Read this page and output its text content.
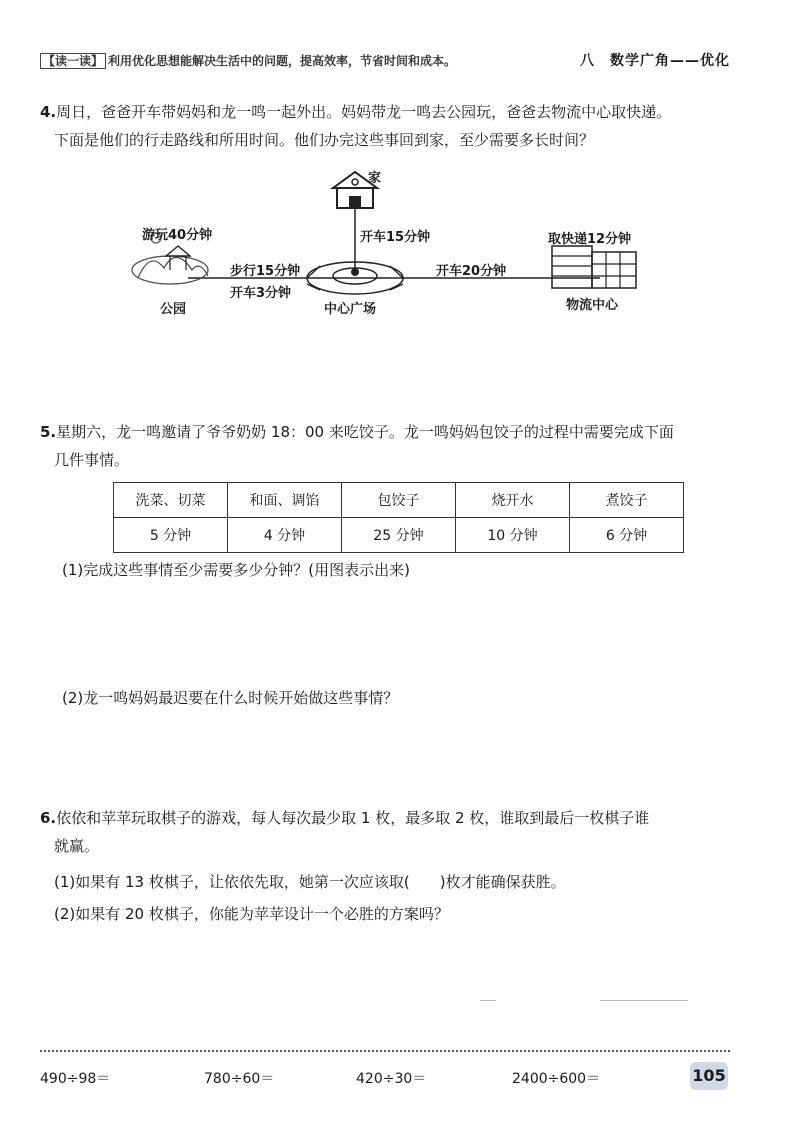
【读一读】 利用优化思想能解决生活中的问题，提高效率，节省时间和成本。	八　数学广角——优化
4.周日，爸爸开车带妈妈和龙一鸣一起外出。妈妈带龙一鸣去公园玩，爸爸去物流中心取快递。
下面是他们的行走路线和所用时间。他们办完这些事回到家，至少需要多长时间？
家
开车15分钟
游玩40分钟
步行15分钟
开车3分钟
公园	中心广场
开车20分钟
取快递12分钟
物流中心
5.星期六，龙一鸣邀请了爷爷奶奶 18：00 来吃饺子。龙一鸣妈妈包饺子的过程中需要完成下面
几件事情。
洗菜、切菜	和面、调馅	包饺子	烧开水	煮饺子
5 分钟	4 分钟	25 分钟	10 分钟	6 分钟
(1)完成这些事情至少需要多少分钟？(用图表示出来)
(2)龙一鸣妈妈最迟要在什么时候开始做这些事情？
6.依依和苹苹玩取棋子的游戏，每人每次最少取 1 枚，最多取 2 枚，谁取到最后一枚棋子谁
就赢。
(1)如果有 13 枚棋子，让依依先取，她第一次应该取(　　)枚才能确保获胜。
(2)如果有 20 枚棋子，你能为苹苹设计一个必胜的方案吗？
490÷98＝	780÷60＝	420÷30＝	2400÷600＝	105
